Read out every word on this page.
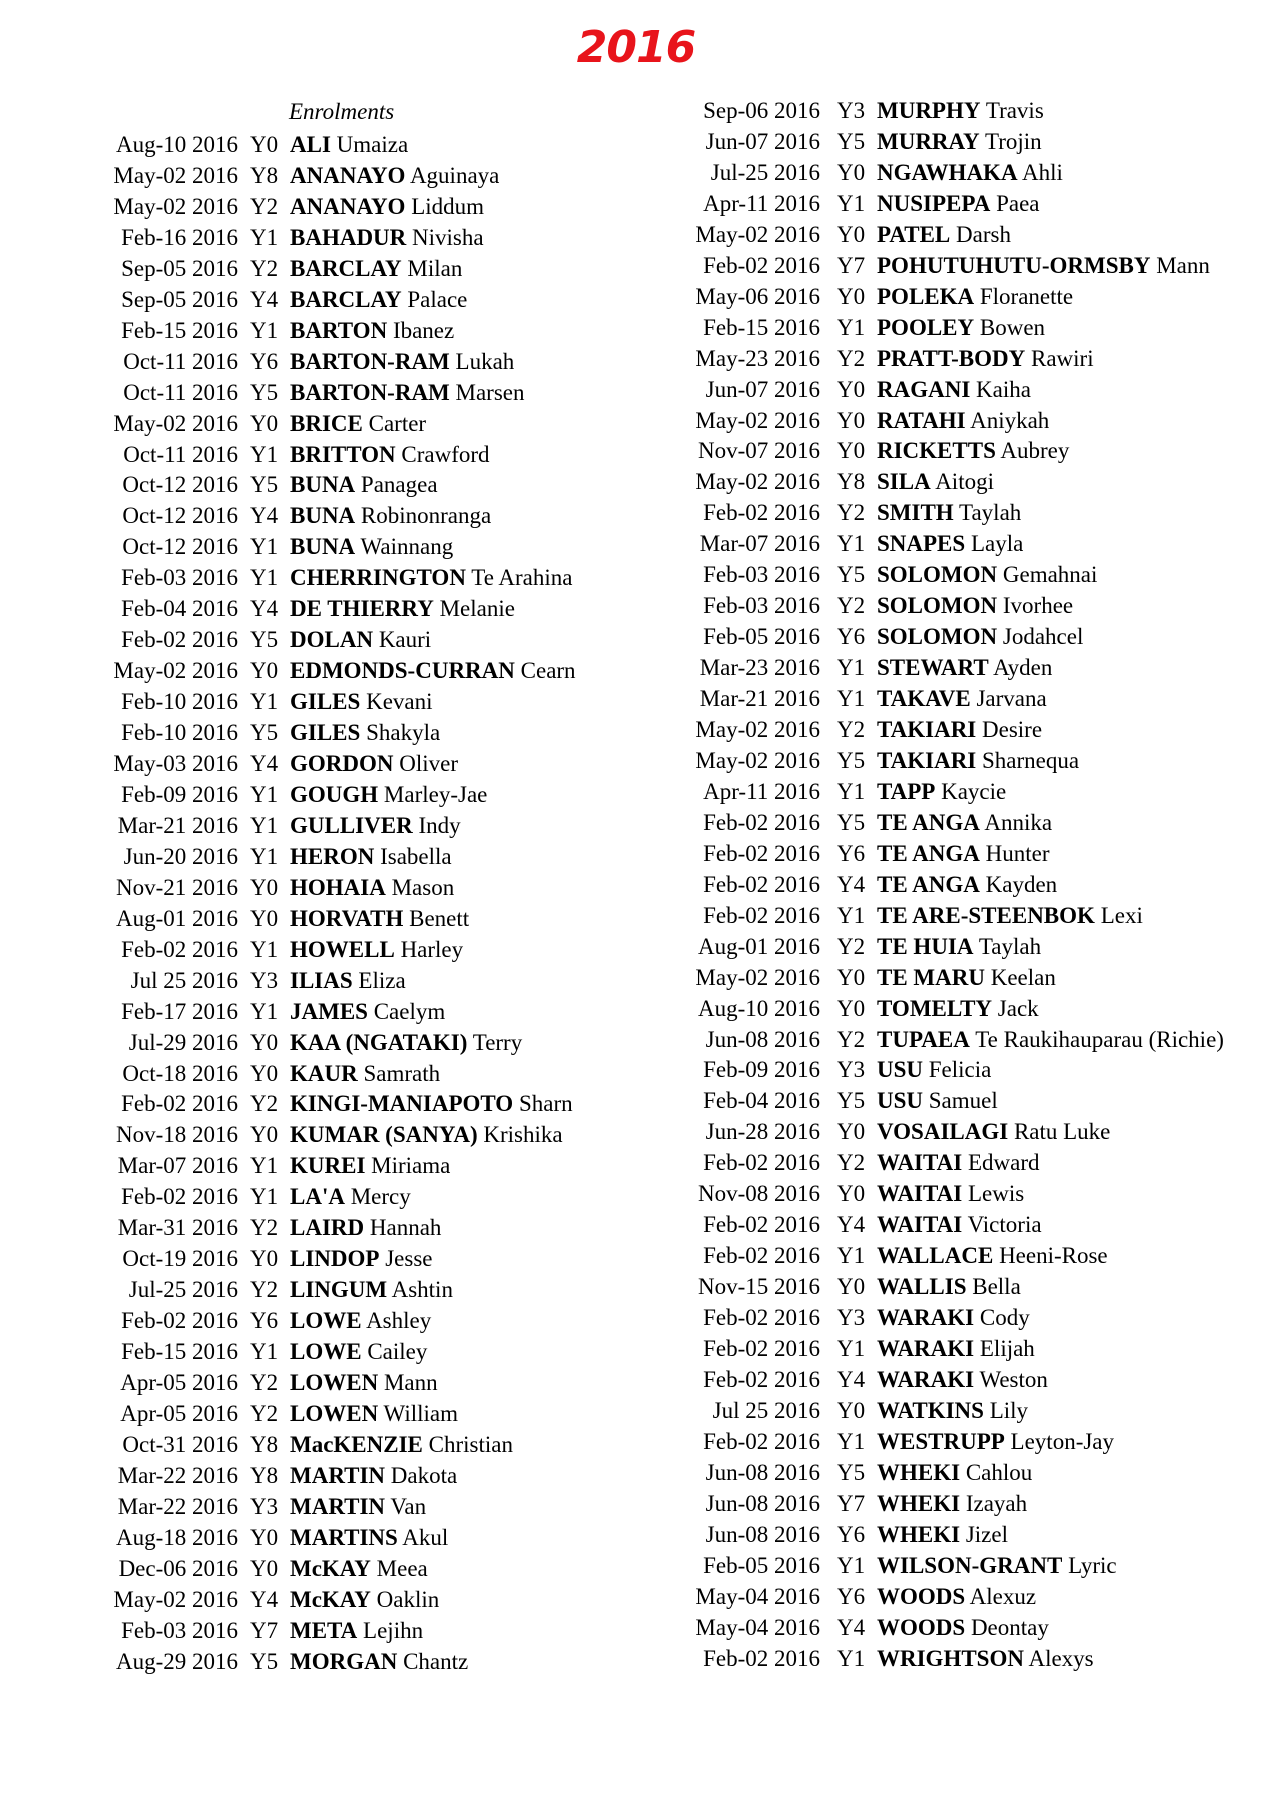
2016
Enrolments
Aug-10 2016 Y0 ALI Umaiza
May-02 2016 Y8 ANANAYO Aguinaya
May-02 2016 Y2 ANANAYO Liddum
Feb-16 2016 Y1 BAHADUR Nivisha
Sep-05 2016 Y2 BARCLAY Milan
Sep-05 2016 Y4 BARCLAY Palace
Feb-15 2016 Y1 BARTON Ibanez
Oct-11 2016 Y6 BARTON-RAM Lukah
Oct-11 2016 Y5 BARTON-RAM Marsen
May-02 2016 Y0 BRICE Carter
Oct-11 2016 Y1 BRITTON Crawford
Oct-12 2016 Y5 BUNA Panagea
Oct-12 2016 Y4 BUNA Robinonranga
Oct-12 2016 Y1 BUNA Wainnang
Feb-03 2016 Y1 CHERRINGTON Te Arahina
Feb-04 2016 Y4 DE THIERRY Melanie
Feb-02 2016 Y5 DOLAN Kauri
May-02 2016 Y0 EDMONDS-CURRAN Cearn
Feb-10 2016 Y1 GILES Kevani
Feb-10 2016 Y5 GILES Shakyla
May-03 2016 Y4 GORDON Oliver
Feb-09 2016 Y1 GOUGH Marley-Jae
Mar-21 2016 Y1 GULLIVER Indy
Jun-20 2016 Y1 HERON Isabella
Nov-21 2016 Y0 HOHAIA Mason
Aug-01 2016 Y0 HORVATH Benett
Feb-02 2016 Y1 HOWELL Harley
Jul 25 2016 Y3 ILIAS Eliza
Feb-17 2016 Y1 JAMES Caelym
Jul-29 2016 Y0 KAA (NGATAKI) Terry
Oct-18 2016 Y0 KAUR Samrath
Feb-02 2016 Y2 KINGI-MANIAPOTO Sharn
Nov-18 2016 Y0 KUMAR (SANYA) Krishika
Mar-07 2016 Y1 KUREI Miriama
Feb-02 2016 Y1 LA'A Mercy
Mar-31 2016 Y2 LAIRD Hannah
Oct-19 2016 Y0 LINDOP Jesse
Jul-25 2016 Y2 LINGUM Ashtin
Feb-02 2016 Y6 LOWE Ashley
Feb-15 2016 Y1 LOWE Cailey
Apr-05 2016 Y2 LOWEN Mann
Apr-05 2016 Y2 LOWEN William
Oct-31 2016 Y8 MacKENZIE Christian
Mar-22 2016 Y8 MARTIN Dakota
Mar-22 2016 Y3 MARTIN Van
Aug-18 2016 Y0 MARTINS Akul
Dec-06 2016 Y0 McKAY Meea
May-02 2016 Y4 McKAY Oaklin
Feb-03 2016 Y7 META Lejihn
Aug-29 2016 Y5 MORGAN Chantz
Sep-06 2016 Y3 MURPHY Travis
Jun-07 2016 Y5 MURRAY Trojin
Jul-25 2016 Y0 NGAWHAKA Ahli
Apr-11 2016 Y1 NUSIPEPA Paea
May-02 2016 Y0 PATEL Darsh
Feb-02 2016 Y7 POHUTUHUTU-ORMSBY Mann
May-06 2016 Y0 POLEKA Floranette
Feb-15 2016 Y1 POOLEY Bowen
May-23 2016 Y2 PRATT-BODY Rawiri
Jun-07 2016 Y0 RAGANI Kaiha
May-02 2016 Y0 RATAHI Aniykah
Nov-07 2016 Y0 RICKETTS Aubrey
May-02 2016 Y8 SILA Aitogi
Feb-02 2016 Y2 SMITH Taylah
Mar-07 2016 Y1 SNAPES Layla
Feb-03 2016 Y5 SOLOMON Gemahnai
Feb-03 2016 Y2 SOLOMON Ivorhee
Feb-05 2016 Y6 SOLOMON Jodahcel
Mar-23 2016 Y1 STEWART Ayden
Mar-21 2016 Y1 TAKAVE Jarvana
May-02 2016 Y2 TAKIARI Desire
May-02 2016 Y5 TAKIARI Sharnequa
Apr-11 2016 Y1 TAPP Kaycie
Feb-02 2016 Y5 TE ANGA Annika
Feb-02 2016 Y6 TE ANGA Hunter
Feb-02 2016 Y4 TE ANGA Kayden
Feb-02 2016 Y1 TE ARE-STEENBOK Lexi
Aug-01 2016 Y2 TE HUIA Taylah
May-02 2016 Y0 TE MARU Keelan
Aug-10 2016 Y0 TOMELTY Jack
Jun-08 2016 Y2 TUPAEA Te Raukihauparau (Richie)
Feb-09 2016 Y3 USU Felicia
Feb-04 2016 Y5 USU Samuel
Jun-28 2016 Y0 VOSAILAGI Ratu Luke
Feb-02 2016 Y2 WAITAI Edward
Nov-08 2016 Y0 WAITAI Lewis
Feb-02 2016 Y4 WAITAI Victoria
Feb-02 2016 Y1 WALLACE Heeni-Rose
Nov-15 2016 Y0 WALLIS Bella
Feb-02 2016 Y3 WARAKI Cody
Feb-02 2016 Y1 WARAKI Elijah
Feb-02 2016 Y4 WARAKI Weston
Jul 25 2016 Y0 WATKINS Lily
Feb-02 2016 Y1 WESTRUPP Leyton-Jay
Jun-08 2016 Y5 WHEKI Cahlou
Jun-08 2016 Y7 WHEKI Izayah
Jun-08 2016 Y6 WHEKI Jizel
Feb-05 2016 Y1 WILSON-GRANT Lyric
May-04 2016 Y6 WOODS Alexuz
May-04 2016 Y4 WOODS Deontay
Feb-02 2016 Y1 WRIGHTSON Alexys
